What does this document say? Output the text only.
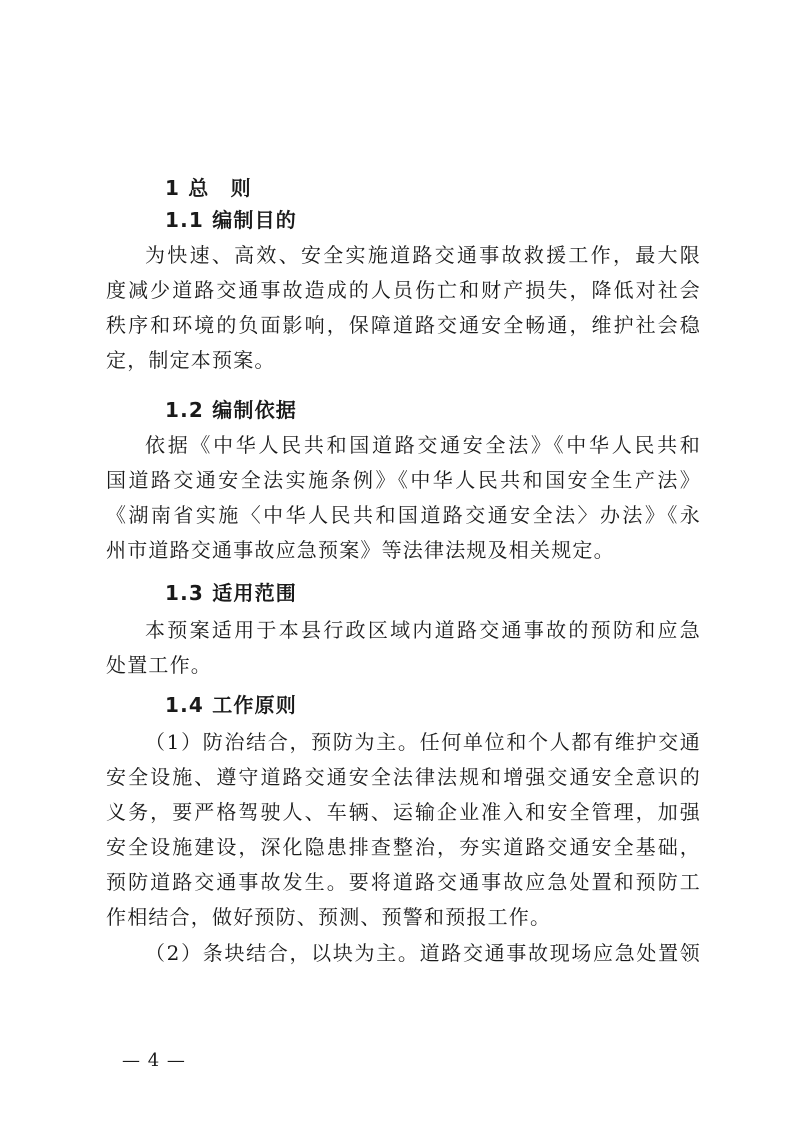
1 总　则
1.1 编制目的
为快速、高效、安全实施道路交通事故救援工作，最大限
度减少道路交通事故造成的人员伤亡和财产损失，降低对社会
秩序和环境的负面影响，保障道路交通安全畅通，维护社会稳
定，制定本预案。
1.2 编制依据
依据《中华人民共和国道路交通安全法》《中华人民共和
国道路交通安全法实施条例》《中华人民共和国安全生产法》
《湖南省实施〈中华人民共和国道路交通安全法〉办法》《永
州市道路交通事故应急预案》等法律法规及相关规定。
1.3 适用范围
本预案适用于本县行政区域内道路交通事故的预防和应急
处置工作。
1.4 工作原则
（1）防治结合，预防为主。任何单位和个人都有维护交通
安全设施、遵守道路交通安全法律法规和增强交通安全意识的
义务，要严格驾驶人、车辆、运输企业准入和安全管理，加强
安全设施建设，深化隐患排查整治，夯实道路交通安全基础，
预防道路交通事故发生。要将道路交通事故应急处置和预防工
作相结合，做好预防、预测、预警和预报工作。
（2）条块结合，以块为主。道路交通事故现场应急处置领
— 4 —
